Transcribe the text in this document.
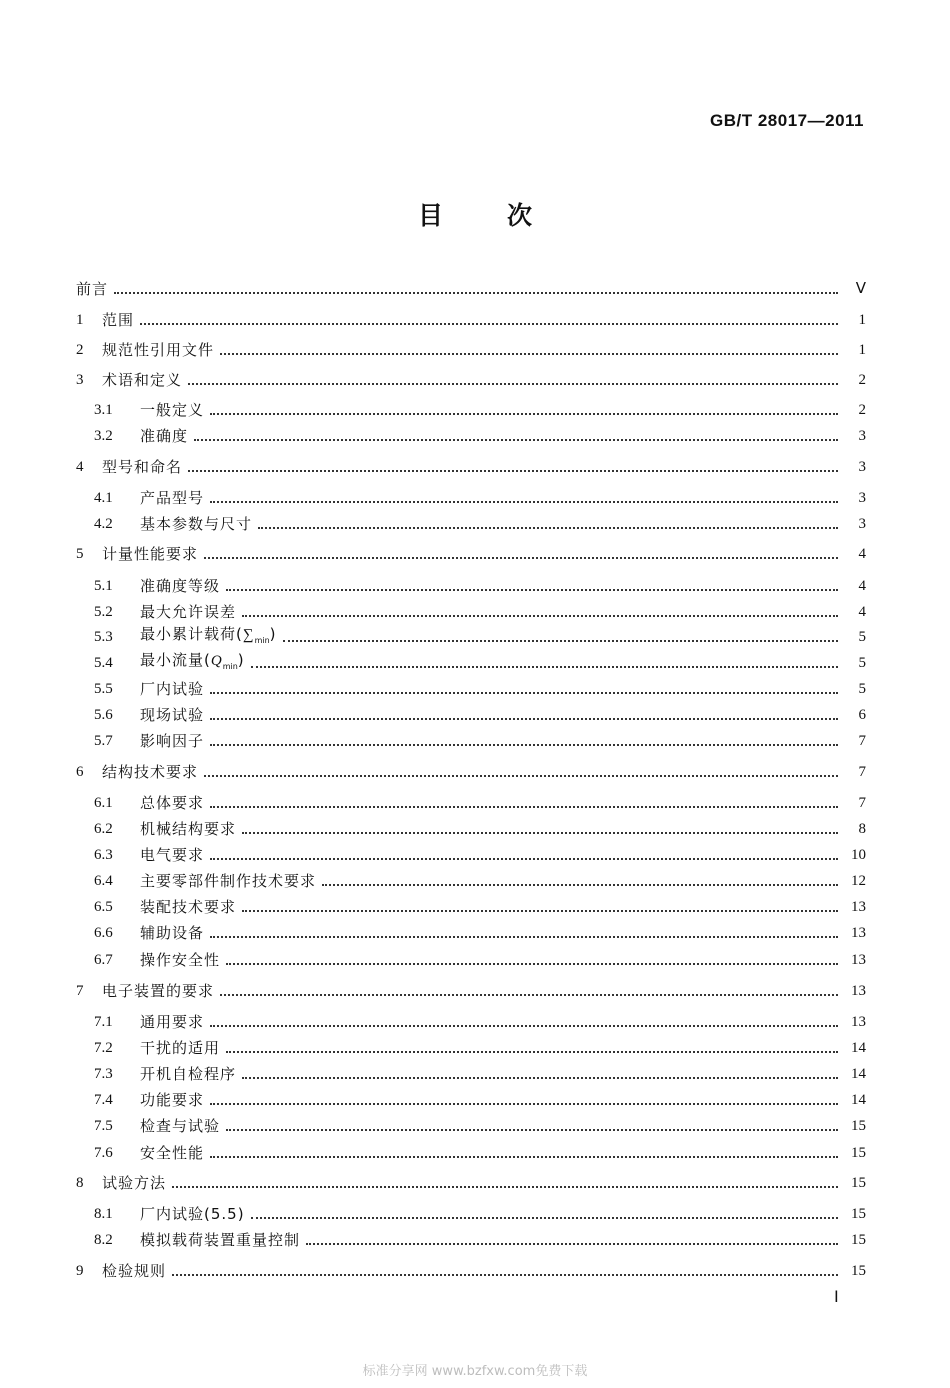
GB/T 28017—2011
目	次
前言	Ⅴ
1	范围	1
2	规范性引用文件	1
3	术语和定义	2
3.1	一般定义	2
3.2	准确度	3
4	型号和命名	3
4.1	产品型号	3
4.2	基本参数与尺寸	3
5	计量性能要求	4
5.1	准确度等级	4
5.2	最大允许误差	4
5.3	最小累计载荷$(\sum_{min})$	5
5.4	最小流量$(Q_{min})$	5
5.5	厂内试验	5
5.6	现场试验	6
5.7	影响因子	7
6	结构技术要求	7
6.1	总体要求	7
6.2	机械结构要求	8
6.3	电气要求	10
6.4	主要零部件制作技术要求	12
6.5	装配技术要求	13
6.6	辅助设备	13
6.7	操作安全性	13
7	电子装置的要求	13
7.1	通用要求	13
7.2	干扰的适用	14
7.3	开机自检程序	14
7.4	功能要求	14
7.5	检查与试验	15
7.6	安全性能	15
8	试验方法	15
8.1	厂内试验(5.5)	15
8.2	模拟载荷装置重量控制	15
9	检验规则	15
Ⅰ
标准分享网 www.bzfxw.com免费下载
